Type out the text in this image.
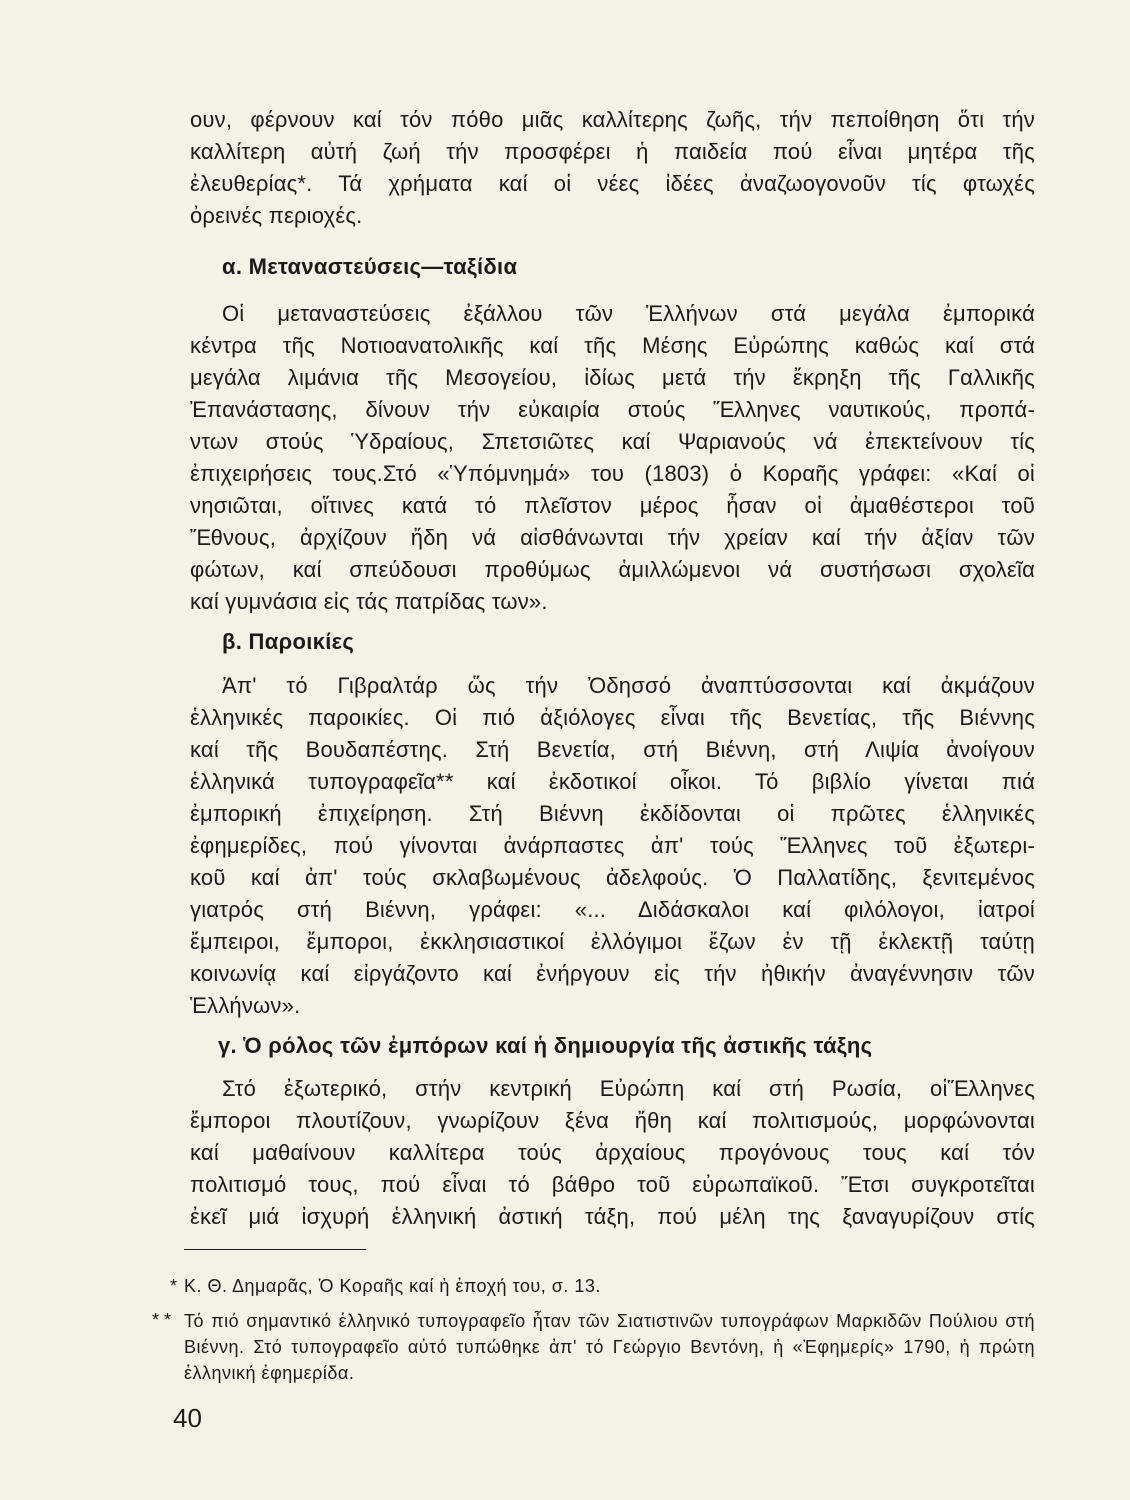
ουν, φέρνουν καί τόν πόθο μιᾶς καλλίτερης ζωῆς, τήν πεποίθηση ὅτι τήν

καλλίτερη αὐτή ζωή τήν προσφέρει ἡ παιδεία πού εἶναι μητέρα τῆς

ἐλευθερίας*. Τά χρήματα καί οἱ νέες ἰδέες ἀναζωογονοῦν τίς φτωχές

ὀρεινές περιοχές.

α. Μεταναστεύσεις—ταξίδια

Οἱ μεταναστεύσεις ἐξάλλου τῶν Ἑλλήνων στά μεγάλα ἐμπορικά

κέντρα τῆς Νοτιοανατολικῆς καί τῆς Μέσης Εὐρώπης καθώς καί στά

μεγάλα λιμάνια τῆς Μεσογείου, ἰδίως μετά τήν ἔκρηξη τῆς Γαλλικῆς

Ἐπανάστασης, δίνουν τήν εὐκαιρία στούς Ἕλληνες ναυτικούς, προπά-

ντων στούς Ὑδραίους, Σπετσιῶτες καί Ψαριανούς νά ἐπεκτείνουν τίς

ἐπιχειρήσεις τους.Στό «Ὑπόμνημά» του (1803) ὁ Κοραῆς γράφει: «Καί οἱ

νησιῶται, οἵτινες κατά τό πλεῖστον μέρος ἦσαν οἱ ἀμαθέστεροι τοῦ

Ἔθνους, ἀρχίζουν ἤδη νά αἰσθάνωνται τήν χρείαν καί τήν ἀξίαν τῶν

φώτων, καί σπεύδουσι προθύμως ἁμιλλώμενοι νά συστήσωσι σχολεῖα

καί γυμνάσια εἰς τάς πατρίδας των».

β. Παροικίες

Ἀπ' τό Γιβραλτάρ ὥς τήν Ὀδησσό ἀναπτύσσονται καί ἀκμάζουν

ἑλληνικές παροικίες. Οἱ πιό ἀξιόλογες εἶναι τῆς Βενετίας, τῆς Βιέννης

καί τῆς Βουδαπέστης. Στή Βενετία, στή Βιέννη, στή Λιψία ἀνοίγουν

ἑλληνικά τυπογραφεῖα** καί ἐκδοτικοί οἶκοι. Τό βιβλίο γίνεται πιά

ἐμπορική ἐπιχείρηση. Στή Βιέννη ἐκδίδονται οἱ πρῶτες ἑλληνικές

ἐφημερίδες, πού γίνονται ἀνάρπαστες ἀπ' τούς Ἕλληνες τοῦ ἐξωτερι-

κοῦ καί ἀπ' τούς σκλαβωμένους ἀδελφούς. Ὁ Παλλατίδης, ξενιτεμένος

γιατρός στή Βιέννη, γράφει: «... Διδάσκαλοι καί φιλόλογοι, ἰατροί

ἔμπειροι, ἔμποροι, ἐκκλησιαστικοί ἐλλόγιμοι ἔζων ἐν τῇ ἐκλεκτῇ ταύτῃ

κοινωνίᾳ καί εἰργάζοντο καί ἐνήργουν εἰς τήν ἠθικήν ἀναγέννησιν τῶν

Ἑλλήνων».

γ. Ὁ ρόλος τῶν ἐμπόρων καί ἡ δημιουργία τῆς ἀστικῆς τάξης

Στό ἐξωτερικό, στήν κεντρική Εὐρώπη καί στή Ρωσία, οἱἝλληνες

ἔμποροι πλουτίζουν, γνωρίζουν ξένα ἤθη καί πολιτισμούς, μορφώνονται

καί μαθαίνουν καλλίτερα τούς ἀρχαίους προγόνους τους καί τόν

πολιτισμό τους, πού εἶναι τό βάθρο τοῦ εὐρωπαϊκοῦ. Ἔτσι συγκροτεῖται

ἐκεῖ μιά ἰσχυρή ἑλληνική ἀστική τάξη, πού μέλη της ξαναγυρίζουν στίς

* Κ. Θ. Δημαρᾶς, Ὁ Κοραῆς καί ἡ ἐποχή του, σ. 13.

* * Τό πιό σημαντικό ἑλληνικό τυπογραφεῖο ἦταν τῶν Σιατιστινῶν τυπογράφων Μαρκιδῶν Πούλιου στή Βιέννη. Στό τυπογραφεῖο αὐτό τυπώθηκε ἀπ' τό Γεώργιο Βεντόνη, ἡ «Ἐφημερίς» 1790, ἡ πρώτη ἑλληνική ἐφημερίδα.

40
